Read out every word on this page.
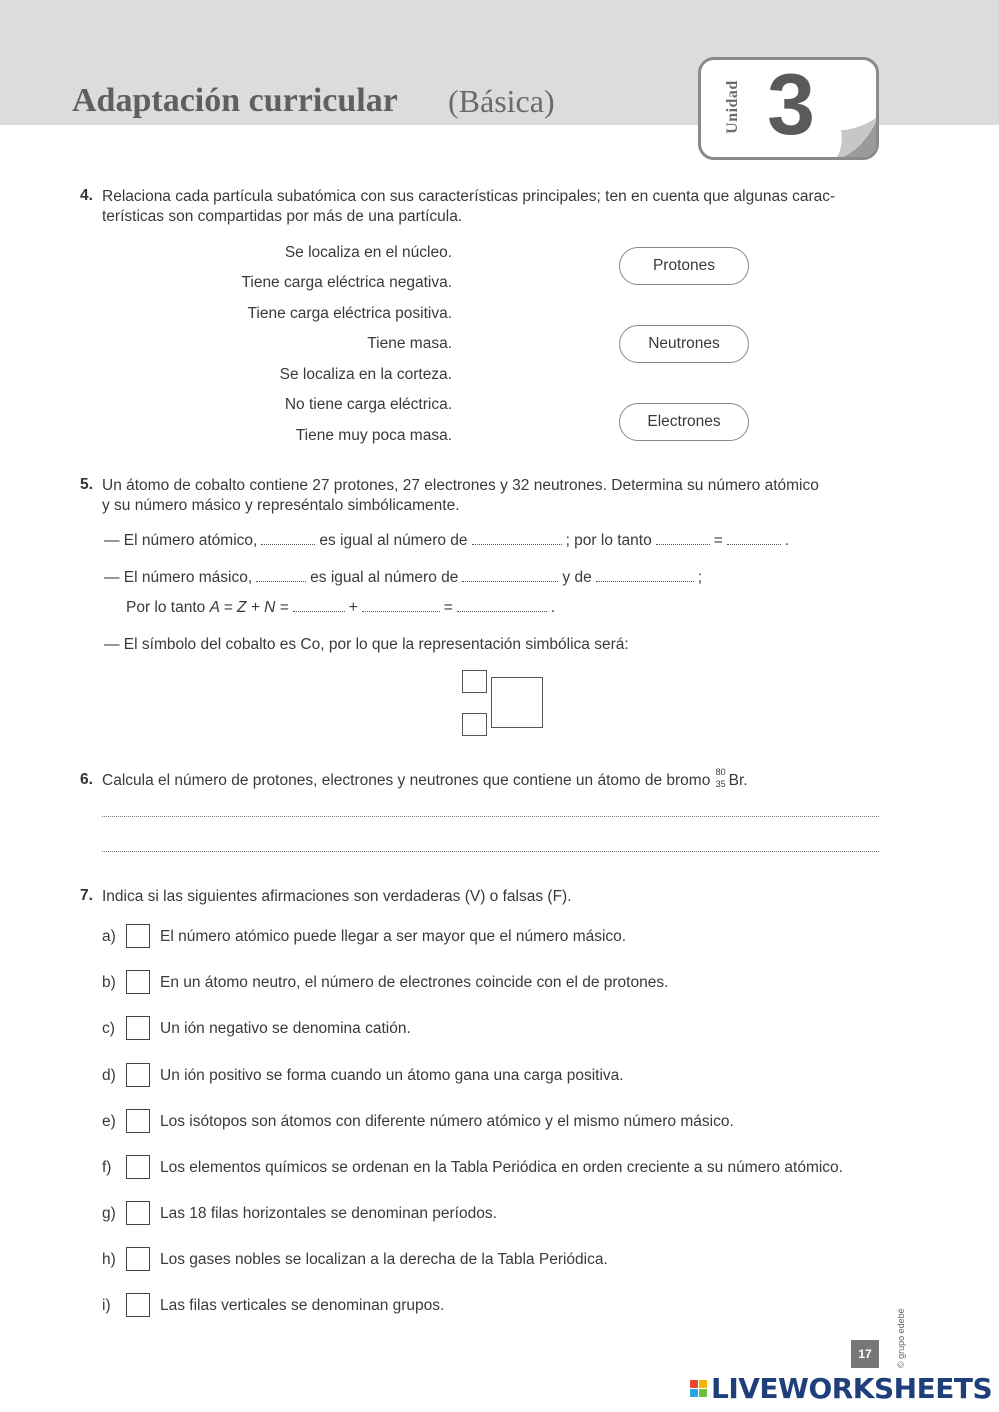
Adaptación curricular (Básica)	Unidad 3
4. Relaciona cada partícula subatómica con sus características principales; ten en cuenta que algunas carac-
terísticas son compartidas por más de una partícula.
Se localiza en el núcleo.
Tiene carga eléctrica negativa.
Tiene carga eléctrica positiva.
Tiene masa.
Se localiza en la corteza.
No tiene carga eléctrica.
Tiene muy poca masa.
Protones
Neutrones
Electrones
5. Un átomo de cobalto contiene 27 protones, 27 electrones y 32 neutrones. Determina su número atómico
y su número másico y represéntalo simbólicamente.
— El número atómico,	es igual al número de	; por lo tanto	=	.
— El número másico,	es igual al número de	y de	;
Por lo tanto A = Z + N =	+	=	.
— El símbolo del cobalto es Co, por lo que la representación simbólica será:
6. Calcula el número de protones, electrones y neutrones que contiene un átomo de bromo 80
35 Br.
7. Indica si las siguientes afirmaciones son verdaderas (V) o falsas (F).
a)	El número atómico puede llegar a ser mayor que el número másico.
b)	En un átomo neutro, el número de electrones coincide con el de protones.
c)	Un ión negativo se denomina catión.
d)	Un ión positivo se forma cuando un átomo gana una carga positiva.
e)	Los isótopos son átomos con diferente número atómico y el mismo número másico.
f)	Los elementos químicos se ordenan en la Tabla Periódica en orden creciente a su número atómico.
g)	Las 18 filas horizontales se denominan períodos.
h)	Los gases nobles se localizan a la derecha de la Tabla Periódica.
i)	Las filas verticales se denominan grupos.
17	© grupo edebé
LIVEWORKSHEETS
